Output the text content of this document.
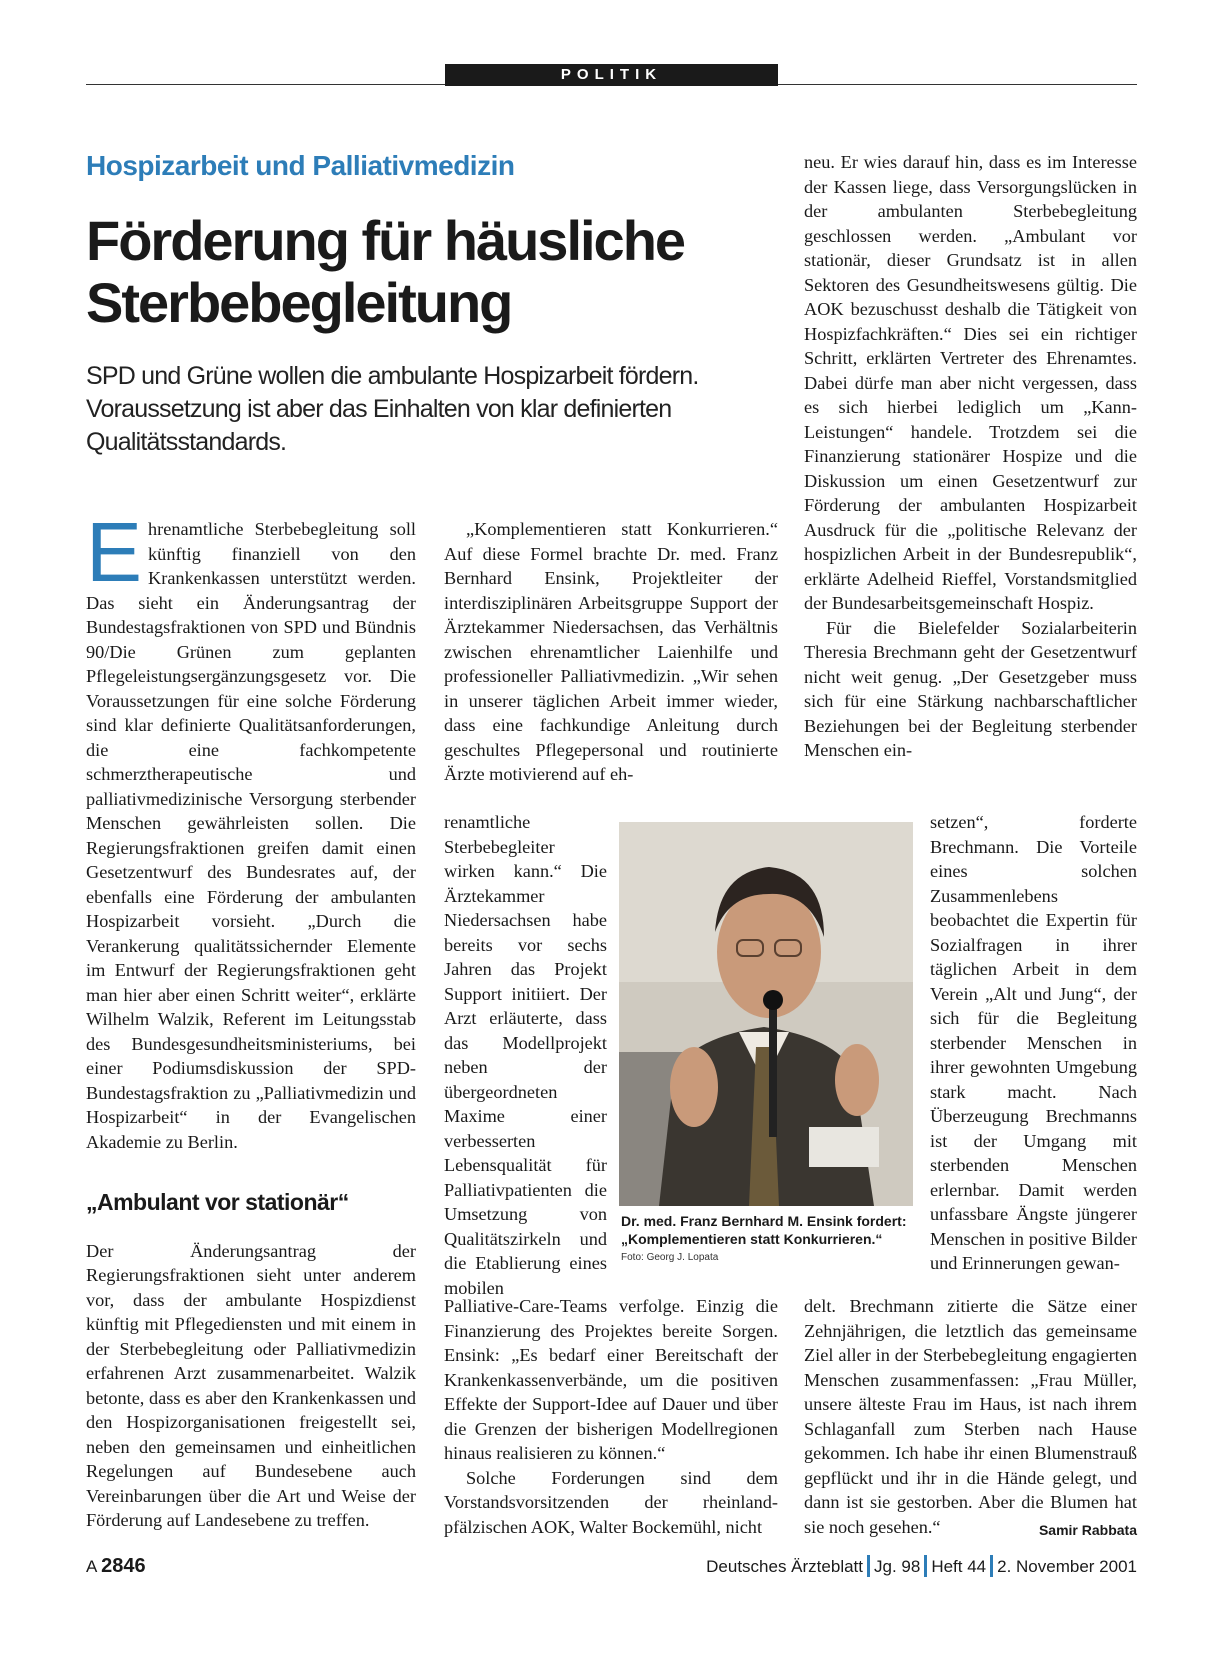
POLITIK
Hospizarbeit und Palliativmedizin
Förderung für häusliche
Sterbebegleitung
SPD und Grüne wollen die ambulante Hospizarbeit fördern. Voraussetzung ist aber das Einhalten von klar definierten Qualitätsstandards.

Ehrenamtliche Sterbebegleitung soll künftig finanziell von den Krankenkassen unterstützt werden. Das sieht ein Änderungsantrag der Bundestagsfraktionen von SPD und Bündnis 90/Die Grünen zum geplanten Pflegeleistungsergänzungsgesetz vor. Die Voraussetzungen für eine solche Förderung sind klar definierte Qualitätsanforderungen, die eine fachkompetente schmerztherapeutische und palliativmedizinische Versorgung sterbender Menschen gewährleisten sollen. Die Regierungsfraktionen greifen damit einen Gesetzentwurf des Bundesrates auf, der ebenfalls eine Förderung der ambulanten Hospizarbeit vorsieht. „Durch die Verankerung qualitätssichernder Elemente im Entwurf der Regierungsfraktionen geht man hier aber einen Schritt weiter“, erklärte Wilhelm Walzik, Referent im Leitungsstab des Bundesgesundheitsministeriums, bei einer Podiumsdiskussion der SPD-Bundestagsfraktion zu „Palliativmedizin und Hospizarbeit“ in der Evangelischen Akademie zu Berlin.

„Ambulant vor stationär“

Der Änderungsantrag der Regierungsfraktionen sieht unter anderem vor, dass der ambulante Hospizdienst künftig mit Pflegediensten und mit einem in der Sterbebegleitung oder Palliativmedizin erfahrenen Arzt zusammenarbeitet. Walzik betonte, dass es aber den Krankenkassen und den Hospizorganisationen freigestellt sei, neben den gemeinsamen und einheitlichen Regelungen auf Bundesebene auch Vereinbarungen über die Art und Weise der Förderung auf Landesebene zu treffen.

„Komplementieren statt Konkurrieren.“ Auf diese Formel brachte Dr. med. Franz Bernhard Ensink, Projektleiter der interdisziplinären Arbeitsgruppe Support der Ärztekammer Niedersachsen, das Verhältnis zwischen ehrenamtlicher Laienhilfe und professioneller Palliativmedizin. „Wir sehen in unserer täglichen Arbeit immer wieder, dass eine fachkundige Anleitung durch geschultes Pflegepersonal und routinierte Ärzte motivierend auf eh-

renamtliche Sterbebegleiter wirken kann.“ Die Ärztekammer Niedersachsen habe bereits vor sechs Jahren das Projekt Support initiiert. Der Arzt erläuterte, dass das Modellprojekt neben der übergeordneten Maxime einer verbesserten Lebensqualität für Palliativpatienten die Umsetzung von Qualitätszirkeln und die Etablierung eines mobilen

Palliative-Care-Teams verfolge. Einzig die Finanzierung des Projektes bereite Sorgen. Ensink: „Es bedarf einer Bereitschaft der Krankenkassenverbände, um die positiven Effekte der Support-Idee auf Dauer und über die Grenzen der bisherigen Modellregionen hinaus realisieren zu können.“

Solche Forderungen sind dem Vorstandsvorsitzenden der rheinland-pfälzischen AOK, Walter Bockemühl, nicht

Dr. med. Franz Bernhard M. Ensink fordert:
„Komplementieren statt Konkurrieren.“
Foto: Georg J. Lopata

neu. Er wies darauf hin, dass es im Interesse der Kassen liege, dass Versorgungslücken in der ambulanten Sterbebegleitung geschlossen werden. „Ambulant vor stationär, dieser Grundsatz ist in allen Sektoren des Gesundheitswesens gültig. Die AOK bezuschusst deshalb die Tätigkeit von Hospizfachkräften.“ Dies sei ein richtiger Schritt, erklärten Vertreter des Ehrenamtes. Dabei dürfe man aber nicht vergessen, dass es sich hierbei lediglich um „Kann-Leistungen“ handele. Trotzdem sei die Finanzierung stationärer Hospize und die Diskussion um einen Gesetzentwurf zur Förderung der ambulanten Hospizarbeit Ausdruck für die „politische Relevanz der hospizlichen Arbeit in der Bundesrepublik“, erklärte Adelheid Rieffel, Vorstandsmitglied der Bundesarbeitsgemeinschaft Hospiz.

Für die Bielefelder Sozialarbeiterin Theresia Brechmann geht der Gesetzentwurf nicht weit genug. „Der Gesetzgeber muss sich für eine Stärkung nachbarschaftlicher Beziehungen bei der Begleitung sterbender Menschen ein-

setzen“, forderte Brechmann. Die Vorteile eines solchen Zusammenlebens beobachtet die Expertin für Sozialfragen in ihrer täglichen Arbeit in dem Verein „Alt und Jung“, der sich für die Begleitung sterbender Menschen in ihrer gewohnten Umgebung stark macht. Nach Überzeugung Brechmanns ist der Umgang mit sterbenden Menschen erlernbar. Damit werden unfassbare Ängste jüngerer Menschen in positive Bilder und Erinnerungen gewan-

delt. Brechmann zitierte die Sätze einer Zehnjährigen, die letztlich das gemeinsame Ziel aller in der Sterbebegleitung engagierten Menschen zusammenfassen: „Frau Müller, unsere älteste Frau im Haus, ist nach ihrem Schlaganfall zum Sterben nach Hause gekommen. Ich habe ihr einen Blumenstrauß gepflückt und ihr in die Hände gelegt, und dann ist sie gestorben. Aber die Blumen hat sie noch gesehen.“	Samir Rabbata

A 2846	Deutsches Ärzteblatt Jg. 98 Heft 44 2. November 2001
